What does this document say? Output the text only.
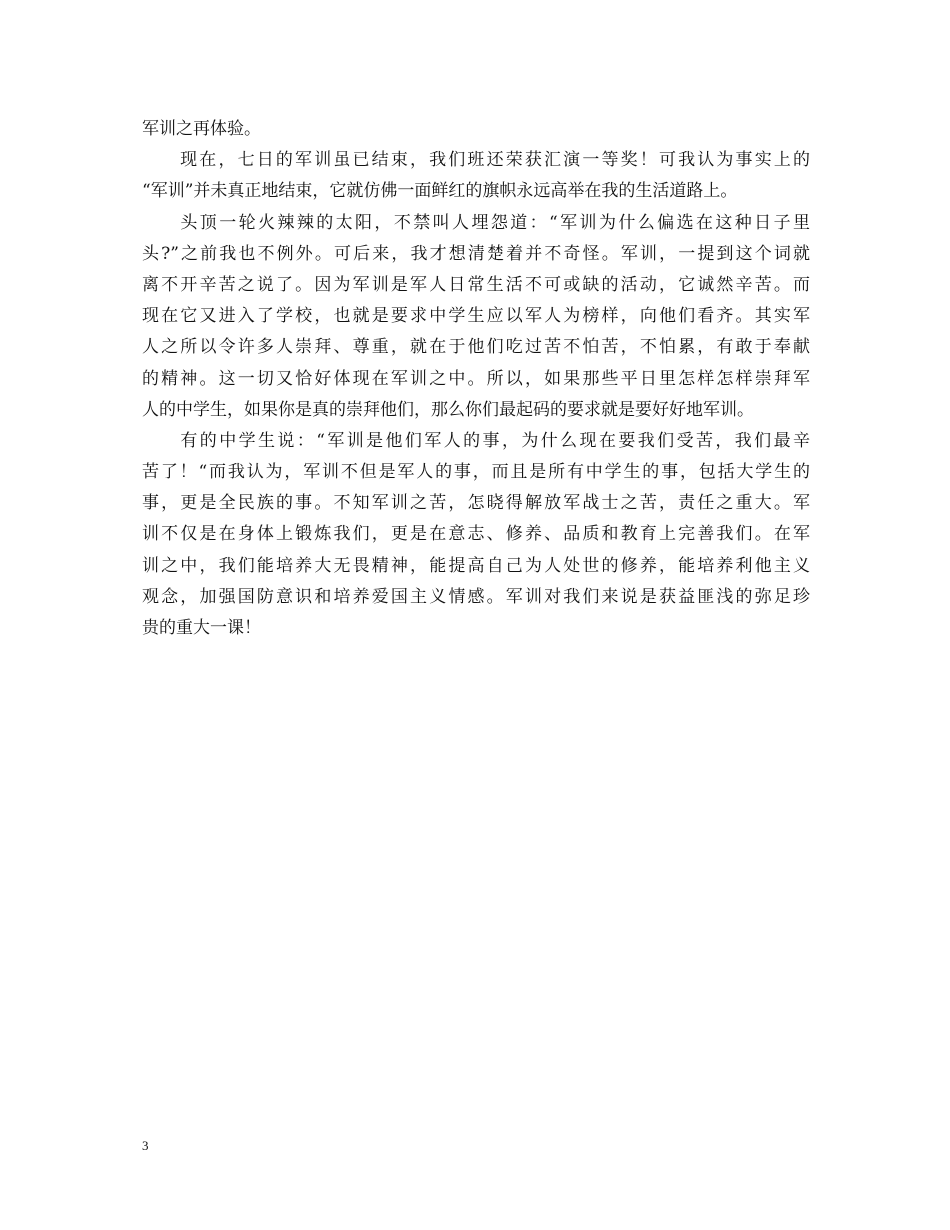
军训之再体验。
现在，七日的军训虽已结束，我们班还荣获汇演一等奖！可我认为事实上的
“军训”并未真正地结束，它就仿佛一面鲜红的旗帜永远高举在我的生活道路上。
头顶一轮火辣辣的太阳，不禁叫人埋怨道：“军训为什么偏选在这种日子里
头?”之前我也不例外。可后来，我才想清楚着并不奇怪。军训，一提到这个词就
离不开辛苦之说了。因为军训是军人日常生活不可或缺的活动，它诚然辛苦。而
现在它又进入了学校，也就是要求中学生应以军人为榜样，向他们看齐。其实军
人之所以令许多人崇拜、尊重，就在于他们吃过苦不怕苦，不怕累，有敢于奉献
的精神。这一切又恰好体现在军训之中。所以，如果那些平日里怎样怎样崇拜军
人的中学生，如果你是真的崇拜他们，那么你们最起码的要求就是要好好地军训。
有的中学生说：“军训是他们军人的事，为什么现在要我们受苦，我们最辛
苦了！“而我认为，军训不但是军人的事，而且是所有中学生的事，包括大学生的
事，更是全民族的事。不知军训之苦，怎晓得解放军战士之苦，责任之重大。军
训不仅是在身体上锻炼我们，更是在意志、修养、品质和教育上完善我们。在军
训之中，我们能培养大无畏精神，能提高自己为人处世的修养，能培养利他主义
观念，加强国防意识和培养爱国主义情感。军训对我们来说是获益匪浅的弥足珍
贵的重大一课！
3
